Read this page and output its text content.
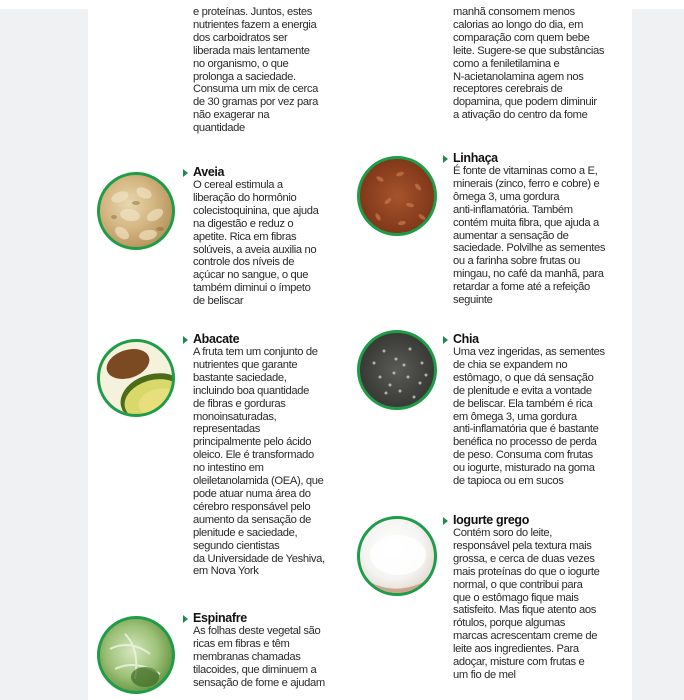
e proteínas. Juntos, estes
nutrientes fazem a energia
dos carboidratos ser
liberada mais lentamente
no organismo, o que
prolonga a saciedade.
Consuma um mix de cerca
de 30 gramas por vez para
não exagerar na
quantidade
Aveia
O cereal estimula a
liberação do hormônio
colecistoquinina, que ajuda
na digestão e reduz o
apetite. Rica em fibras
solúveis, a aveia auxilia no
controle dos níveis de
açúcar no sangue, o que
também diminui o ímpeto
de beliscar
Abacate
A fruta tem um conjunto de
nutrientes que garante
bastante saciedade,
incluindo boa quantidade
de fibras e gorduras
monoinsaturadas,
representadas
principalmente pelo ácido
oleico. Ele é transformado
no intestino em
oleiletanolamida (OEA), que
pode atuar numa área do
cérebro responsável pelo
aumento da sensação de
plenitude e saciedade,
segundo cientistas
da Universidade de Yeshiva,
em Nova York
Espinafre
As folhas deste vegetal são
ricas em fibras e têm
membranas chamadas
tilacoides, que diminuem a
sensação de fome e ajudam

manhã consomem menos
calorias ao longo do dia, em
comparação com quem bebe
leite. Sugere-se que substâncias
como a feniletilamina e
N-acietanolamina agem nos
receptores cerebrais de
dopamina, que podem diminuir
a ativação do centro da fome
Linhaça
É fonte de vitaminas como a E,
minerais (zinco, ferro e cobre) e
ômega 3, uma gordura
anti-inflamatória. Também
contém muita fibra, que ajuda a
aumentar a sensação de
saciedade. Polvilhe as sementes
ou a farinha sobre frutas ou
mingau, no café da manhã, para
retardar a fome até a refeição
seguinte
Chia
Uma vez ingeridas, as sementes
de chia se expandem no
estômago, o que dá sensação
de plenitude e evita a vontade
de beliscar. Ela também é rica
em ômega 3, uma gordura
anti-inflamatória que é bastante
benéfica no processo de perda
de peso. Consuma com frutas
ou iogurte, misturado na goma
de tapioca ou em sucos
Iogurte grego
Contém soro do leite,
responsável pela textura mais
grossa, e cerca de duas vezes
mais proteínas do que o iogurte
normal, o que contribui para
que o estômago fique mais
satisfeito. Mas fique atento aos
rótulos, porque algumas
marcas acrescentam creme de
leite aos ingredientes. Para
adoçar, misture com frutas e
um fio de mel
